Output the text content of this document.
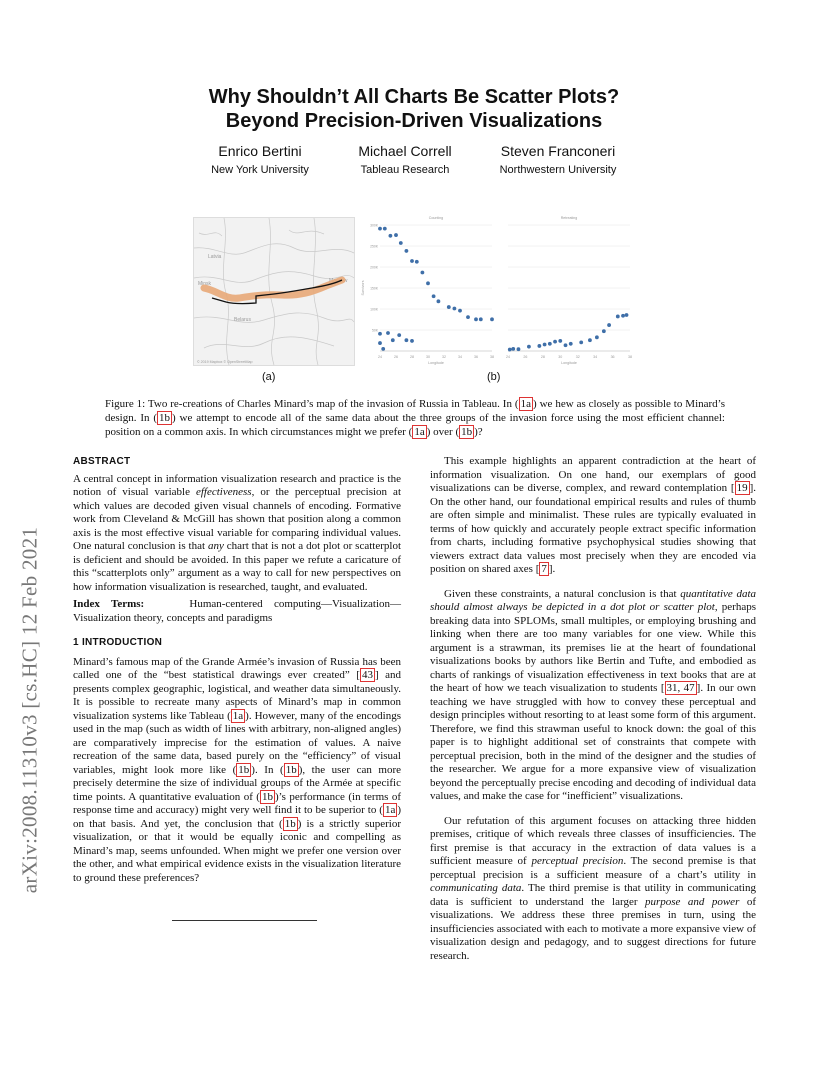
Why Shouldn’t All Charts Be Scatter Plots?
Beyond Precision-Driven Visualizations
Enrico Bertini
New York University
Michael Correll
Tableau Research
Steven Franconeri
Northwestern University
arXiv:2008.11310v3 [cs.HC] 12 Feb 2021
Latvia
Minsk	Moscow
Belarus
© 2019 Mapbox © OpenStreetMap
Counting
24	26	28	30	32	34	36	38
Longitude
300K
250K
200K
150K
100K
50K
Survivors
Retreating
24	26	28	30	32	34	36	38
Longitude
(a)	(b)
Figure 1: Two re-creations of Charles Minard’s map of the invasion of Russia in Tableau. In ( 1a ) we hew as closely as possible to Minard’s design. In ( 1b ) we attempt to encode all of the same data about the three groups of the invasion force using the most efficient channel: position on a common axis. In which circumstances might we prefer ( 1a ) over ( 1b )?

ABSTRACT

A central concept in information visualization research and practice is the notion of visual variable effectiveness, or the perceptual precision at which values are decoded given visual channels of encoding. Formative work from Cleveland & McGill has shown that position along a common axis is the most effective visual variable for comparing individual values. One natural conclusion is that any chart that is not a dot plot or scatterplot is deficient and should be avoided. In this paper we refute a caricature of this “scatterplots only” argument as a way to call for new perspectives on how information visualization is researched, taught, and evaluated.

Index Terms:	Human-centered computing—Visualization—Visualization theory, concepts and paradigms

1 INTRODUCTION

Minard’s famous map of the Grande Armée’s invasion of Russia has been called one of the “best statistical drawings ever created” [ 43 ] and presents complex geographic, logistical, and weather data simultaneously. It is possible to recreate many aspects of Minard’s map in common visualization systems like Tableau ( 1a ). However, many of the encodings used in the map (such as width of lines with arbitrary, non-aligned angles) are comparatively imprecise for the estimation of values. A naive recreation of the same data, based purely on the “efficiency” of visual variables, might look more like ( 1b ). In ( 1b ), the user can more precisely determine the size of individual groups of the Armée at specific time points. A quantitative evaluation of ( 1b )’s performance (in terms of response time and accuracy) might very well find it to be superior to ( 1a ) on that basis. And yet, the conclusion that ( 1b ) is a strictly superior visualization, or that it would be equally iconic and compelling as Minard’s map, seems unfounded. When might we prefer one version over the other, and what empirical evidence exists in the visualization literature to ground these preferences?

This example highlights an apparent contradiction at the heart of information visualization. On one hand, our exemplars of good visualizations can be diverse, complex, and reward contemplation [ 19 ]. On the other hand, our foundational empirical results and rules of thumb are often simple and minimalist. These rules are typically evaluated in terms of how quickly and accurately people extract specific information from charts, including formative psychophysical studies showing that viewers extract data values most precisely when they are encoded via position on shared axes [ 7 ].

Given these constraints, a natural conclusion is that quantitative data should almost always be depicted in a dot plot or scatter plot, perhaps breaking data into SPLOMs, small multiples, or employing brushing and linking when there are too many variables for one view. While this argument is a strawman, its premises lie at the heart of foundational visualizations books by authors like Bertin and Tufte, and embodied as charts of rankings of visualization effectiveness in text books that are at the heart of how we teach visualization to students [ 31, 47 ]. In our own teaching we have struggled with how to convey these perceptual and design principles without resorting to at least some form of this argument. Therefore, we find this strawman useful to knock down: the goal of this paper is to highlight additional set of constraints that compete with perceptual precision, both in the mind of the designer and the studies of the researcher. We argue for a more expansive view of visualization beyond the perceptually precise encoding and decoding of individual data values, and make the case for “inefficient” visualizations.

Our refutation of this argument focuses on attacking three hidden premises, critique of which reveals three classes of insufficiencies. The first premise is that accuracy in the extraction of data values is a sufficient measure of perceptual precision. The second premise is that perceptual precision is a sufficient measure of a chart’s utility in communicating data. The third premise is that utility in communicating data is sufficient to understand the larger purpose and power of visualizations. We address these three premises in turn, using the insufficiencies associated with each to motivate a more expansive view of visualization design and pedagogy, and to suggest directions for future research.
